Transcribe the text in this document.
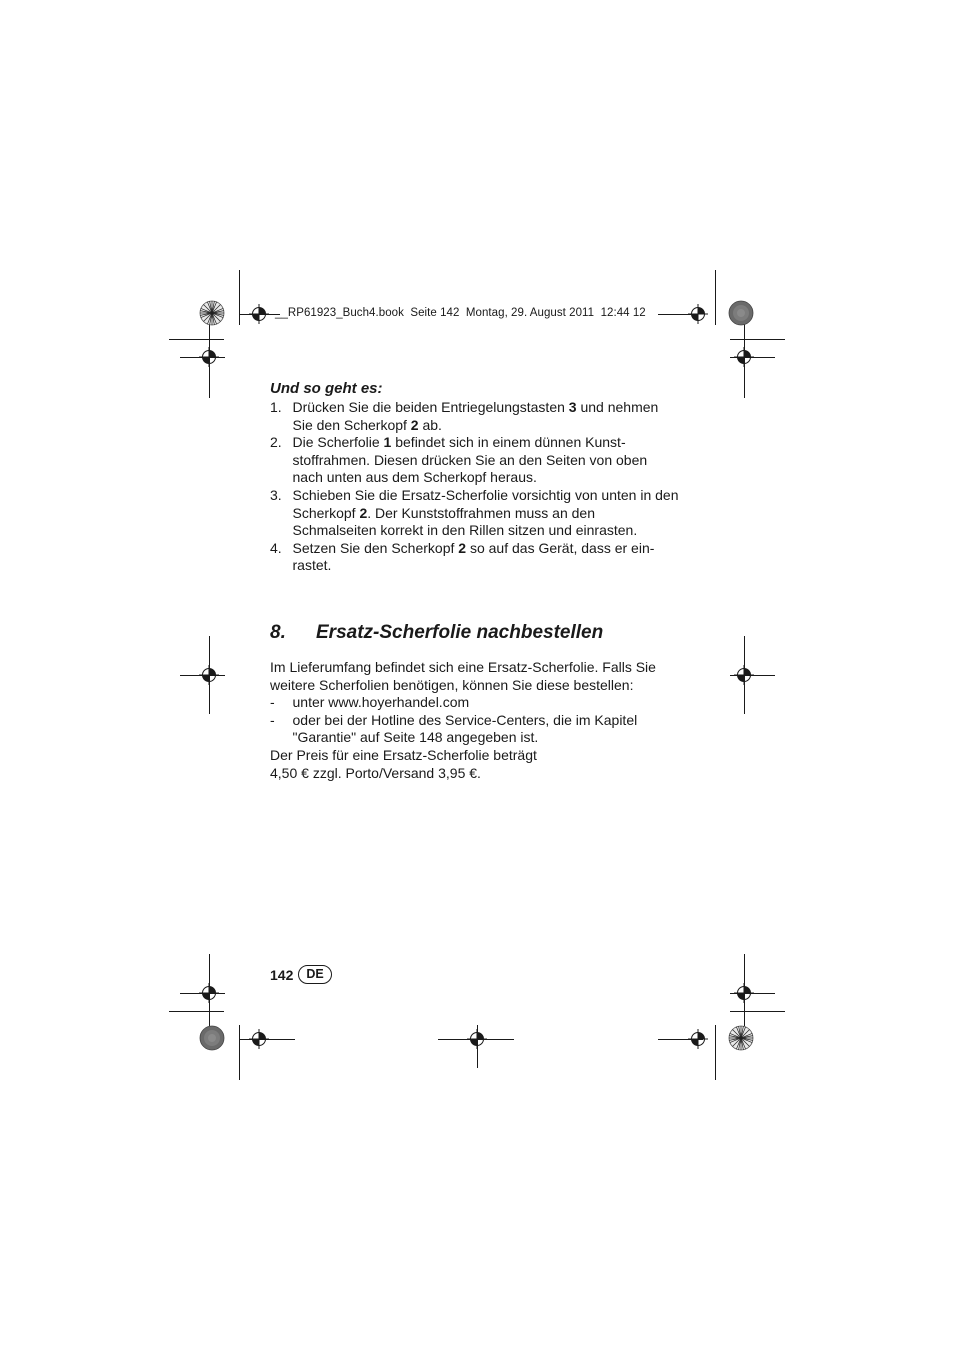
__RP61923_Buch4.book  Seite 142  Montag, 29. August 2011  12:44 12
Und so geht es:
1. Drücken Sie die beiden Entriegelungstasten 3 und nehmen Sie den Scherkopf 2 ab.
2. Die Scherfolie 1 befindet sich in einem dünnen Kunst-stoffrahmen. Diesen drücken Sie an den Seiten von oben nach unten aus dem Scherkopf heraus.
3. Schieben Sie die Ersatz-Scherfolie vorsichtig von unten in den Scherkopf 2. Der Kunststoffrahmen muss an den Schmalseiten korrekt in den Rillen sitzen und einrasten.
4. Setzen Sie den Scherkopf 2 so auf das Gerät, dass er ein-rastet.
8. Ersatz-Scherfolie nachbestellen
Im Lieferumfang befindet sich eine Ersatz-Scherfolie. Falls Sie weitere Scherfolien benötigen, können Sie diese bestellen:
- unter www.hoyerhandel.com
- oder bei der Hotline des Service-Centers, die im Kapitel "Garantie" auf Seite 148 angegeben ist.
Der Preis für eine Ersatz-Scherfolie beträgt
4,50 € zzgl. Porto/Versand 3,95 €.
142	DE
